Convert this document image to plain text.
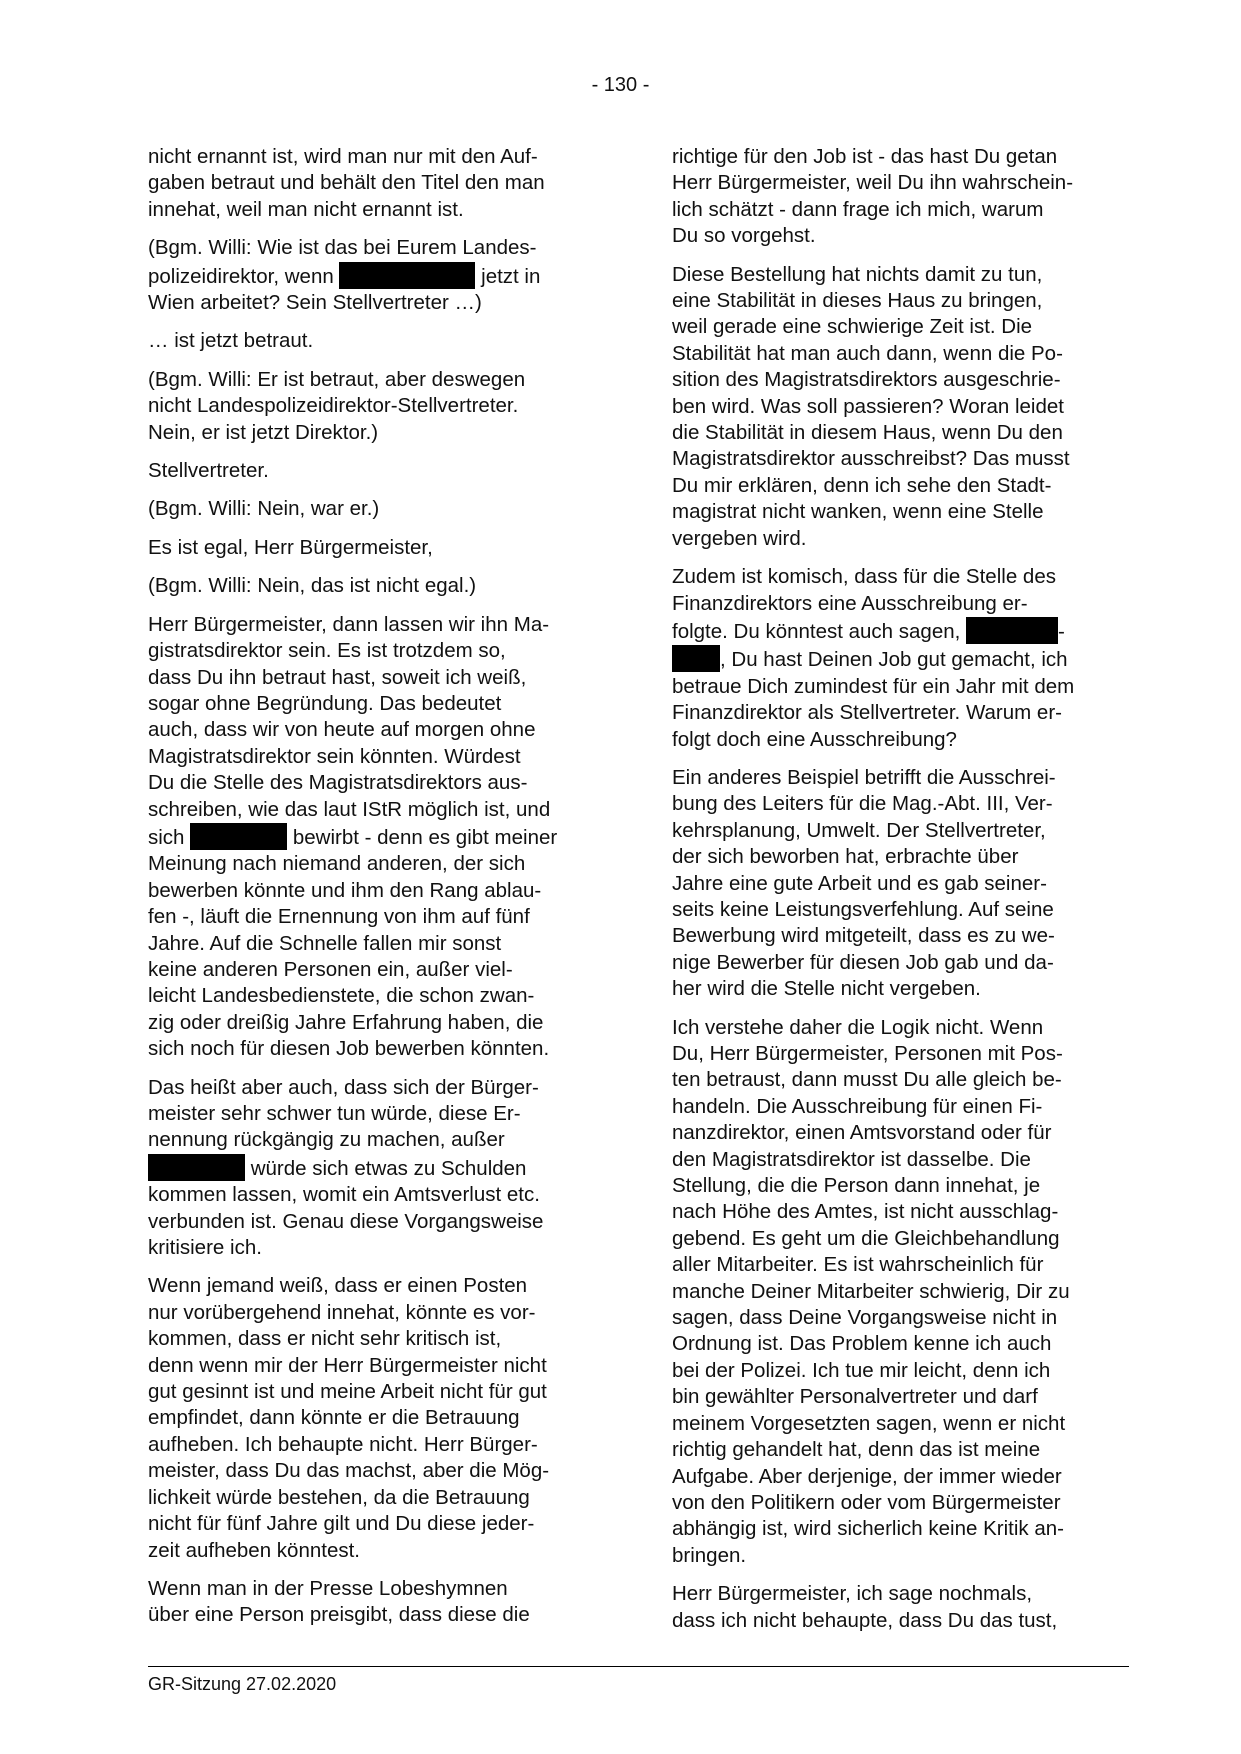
- 130 -

nicht ernannt ist, wird man nur mit den Auf-
gaben betraut und behält den Titel den man
innehat, weil man nicht ernannt ist.

(Bgm. Willi: Wie ist das bei Eurem Landes-
polizeidirektor, wenn	jetzt in
Wien arbeitet? Sein Stellvertreter …)

… ist jetzt betraut.

(Bgm. Willi: Er ist betraut, aber deswegen
nicht Landespolizeidirektor-Stellvertreter.
Nein, er ist jetzt Direktor.)

Stellvertreter.

(Bgm. Willi: Nein, war er.)

Es ist egal, Herr Bürgermeister,

(Bgm. Willi: Nein, das ist nicht egal.)

Herr Bürgermeister, dann lassen wir ihn Ma-
gistratsdirektor sein. Es ist trotzdem so,
dass Du ihn betraut hast, soweit ich weiß,
sogar ohne Begründung. Das bedeutet
auch, dass wir von heute auf morgen ohne
Magistratsdirektor sein könnten. Würdest
Du die Stelle des Magistratsdirektors aus-
schreiben, wie das laut IStR möglich ist, und
sich	bewirbt - denn es gibt meiner
Meinung nach niemand anderen, der sich
bewerben könnte und ihm den Rang ablau-
fen -, läuft die Ernennung von ihm auf fünf
Jahre. Auf die Schnelle fallen mir sonst
keine anderen Personen ein, außer viel-
leicht Landesbedienstete, die schon zwan-
zig oder dreißig Jahre Erfahrung haben, die
sich noch für diesen Job bewerben könnten.

Das heißt aber auch, dass sich der Bürger-
meister sehr schwer tun würde, diese Er-
nennung rückgängig zu machen, außer
würde sich etwas zu Schulden
kommen lassen, womit ein Amtsverlust etc.
verbunden ist. Genau diese Vorgangsweise
kritisiere ich.

Wenn jemand weiß, dass er einen Posten
nur vorübergehend innehat, könnte es vor-
kommen, dass er nicht sehr kritisch ist,
denn wenn mir der Herr Bürgermeister nicht
gut gesinnt ist und meine Arbeit nicht für gut
empfindet, dann könnte er die Betrauung
aufheben. Ich behaupte nicht. Herr Bürger-
meister, dass Du das machst, aber die Mög-
lichkeit würde bestehen, da die Betrauung
nicht für fünf Jahre gilt und Du diese jeder-
zeit aufheben könntest.

Wenn man in der Presse Lobeshymnen
über eine Person preisgibt, dass diese die

richtige für den Job ist - das hast Du getan
Herr Bürgermeister, weil Du ihn wahrschein-
lich schätzt - dann frage ich mich, warum
Du so vorgehst.

Diese Bestellung hat nichts damit zu tun,
eine Stabilität in dieses Haus zu bringen,
weil gerade eine schwierige Zeit ist. Die
Stabilität hat man auch dann, wenn die Po-
sition des Magistratsdirektors ausgeschrie-
ben wird. Was soll passieren? Woran leidet
die Stabilität in diesem Haus, wenn Du den
Magistratsdirektor ausschreibst? Das musst
Du mir erklären, denn ich sehe den Stadt-
magistrat nicht wanken, wenn eine Stelle
vergeben wird.

Zudem ist komisch, dass für die Stelle des
Finanzdirektors eine Ausschreibung er-
folgte. Du könntest auch sagen,	-
, Du hast Deinen Job gut gemacht, ich
betraue Dich zumindest für ein Jahr mit dem
Finanzdirektor als Stellvertreter. Warum er-
folgt doch eine Ausschreibung?

Ein anderes Beispiel betrifft die Ausschrei-
bung des Leiters für die Mag.-Abt. III, Ver-
kehrsplanung, Umwelt. Der Stellvertreter,
der sich beworben hat, erbrachte über
Jahre eine gute Arbeit und es gab seiner-
seits keine Leistungsverfehlung. Auf seine
Bewerbung wird mitgeteilt, dass es zu we-
nige Bewerber für diesen Job gab und da-
her wird die Stelle nicht vergeben.

Ich verstehe daher die Logik nicht. Wenn
Du, Herr Bürgermeister, Personen mit Pos-
ten betraust, dann musst Du alle gleich be-
handeln. Die Ausschreibung für einen Fi-
nanzdirektor, einen Amtsvorstand oder für
den Magistratsdirektor ist dasselbe. Die
Stellung, die die Person dann innehat, je
nach Höhe des Amtes, ist nicht ausschlag-
gebend. Es geht um die Gleichbehandlung
aller Mitarbeiter. Es ist wahrscheinlich für
manche Deiner Mitarbeiter schwierig, Dir zu
sagen, dass Deine Vorgangsweise nicht in
Ordnung ist. Das Problem kenne ich auch
bei der Polizei. Ich tue mir leicht, denn ich
bin gewählter Personalvertreter und darf
meinem Vorgesetzten sagen, wenn er nicht
richtig gehandelt hat, denn das ist meine
Aufgabe. Aber derjenige, der immer wieder
von den Politikern oder vom Bürgermeister
abhängig ist, wird sicherlich keine Kritik an-
bringen.

Herr Bürgermeister, ich sage nochmals,
dass ich nicht behaupte, dass Du das tust,

GR-Sitzung 27.02.2020
